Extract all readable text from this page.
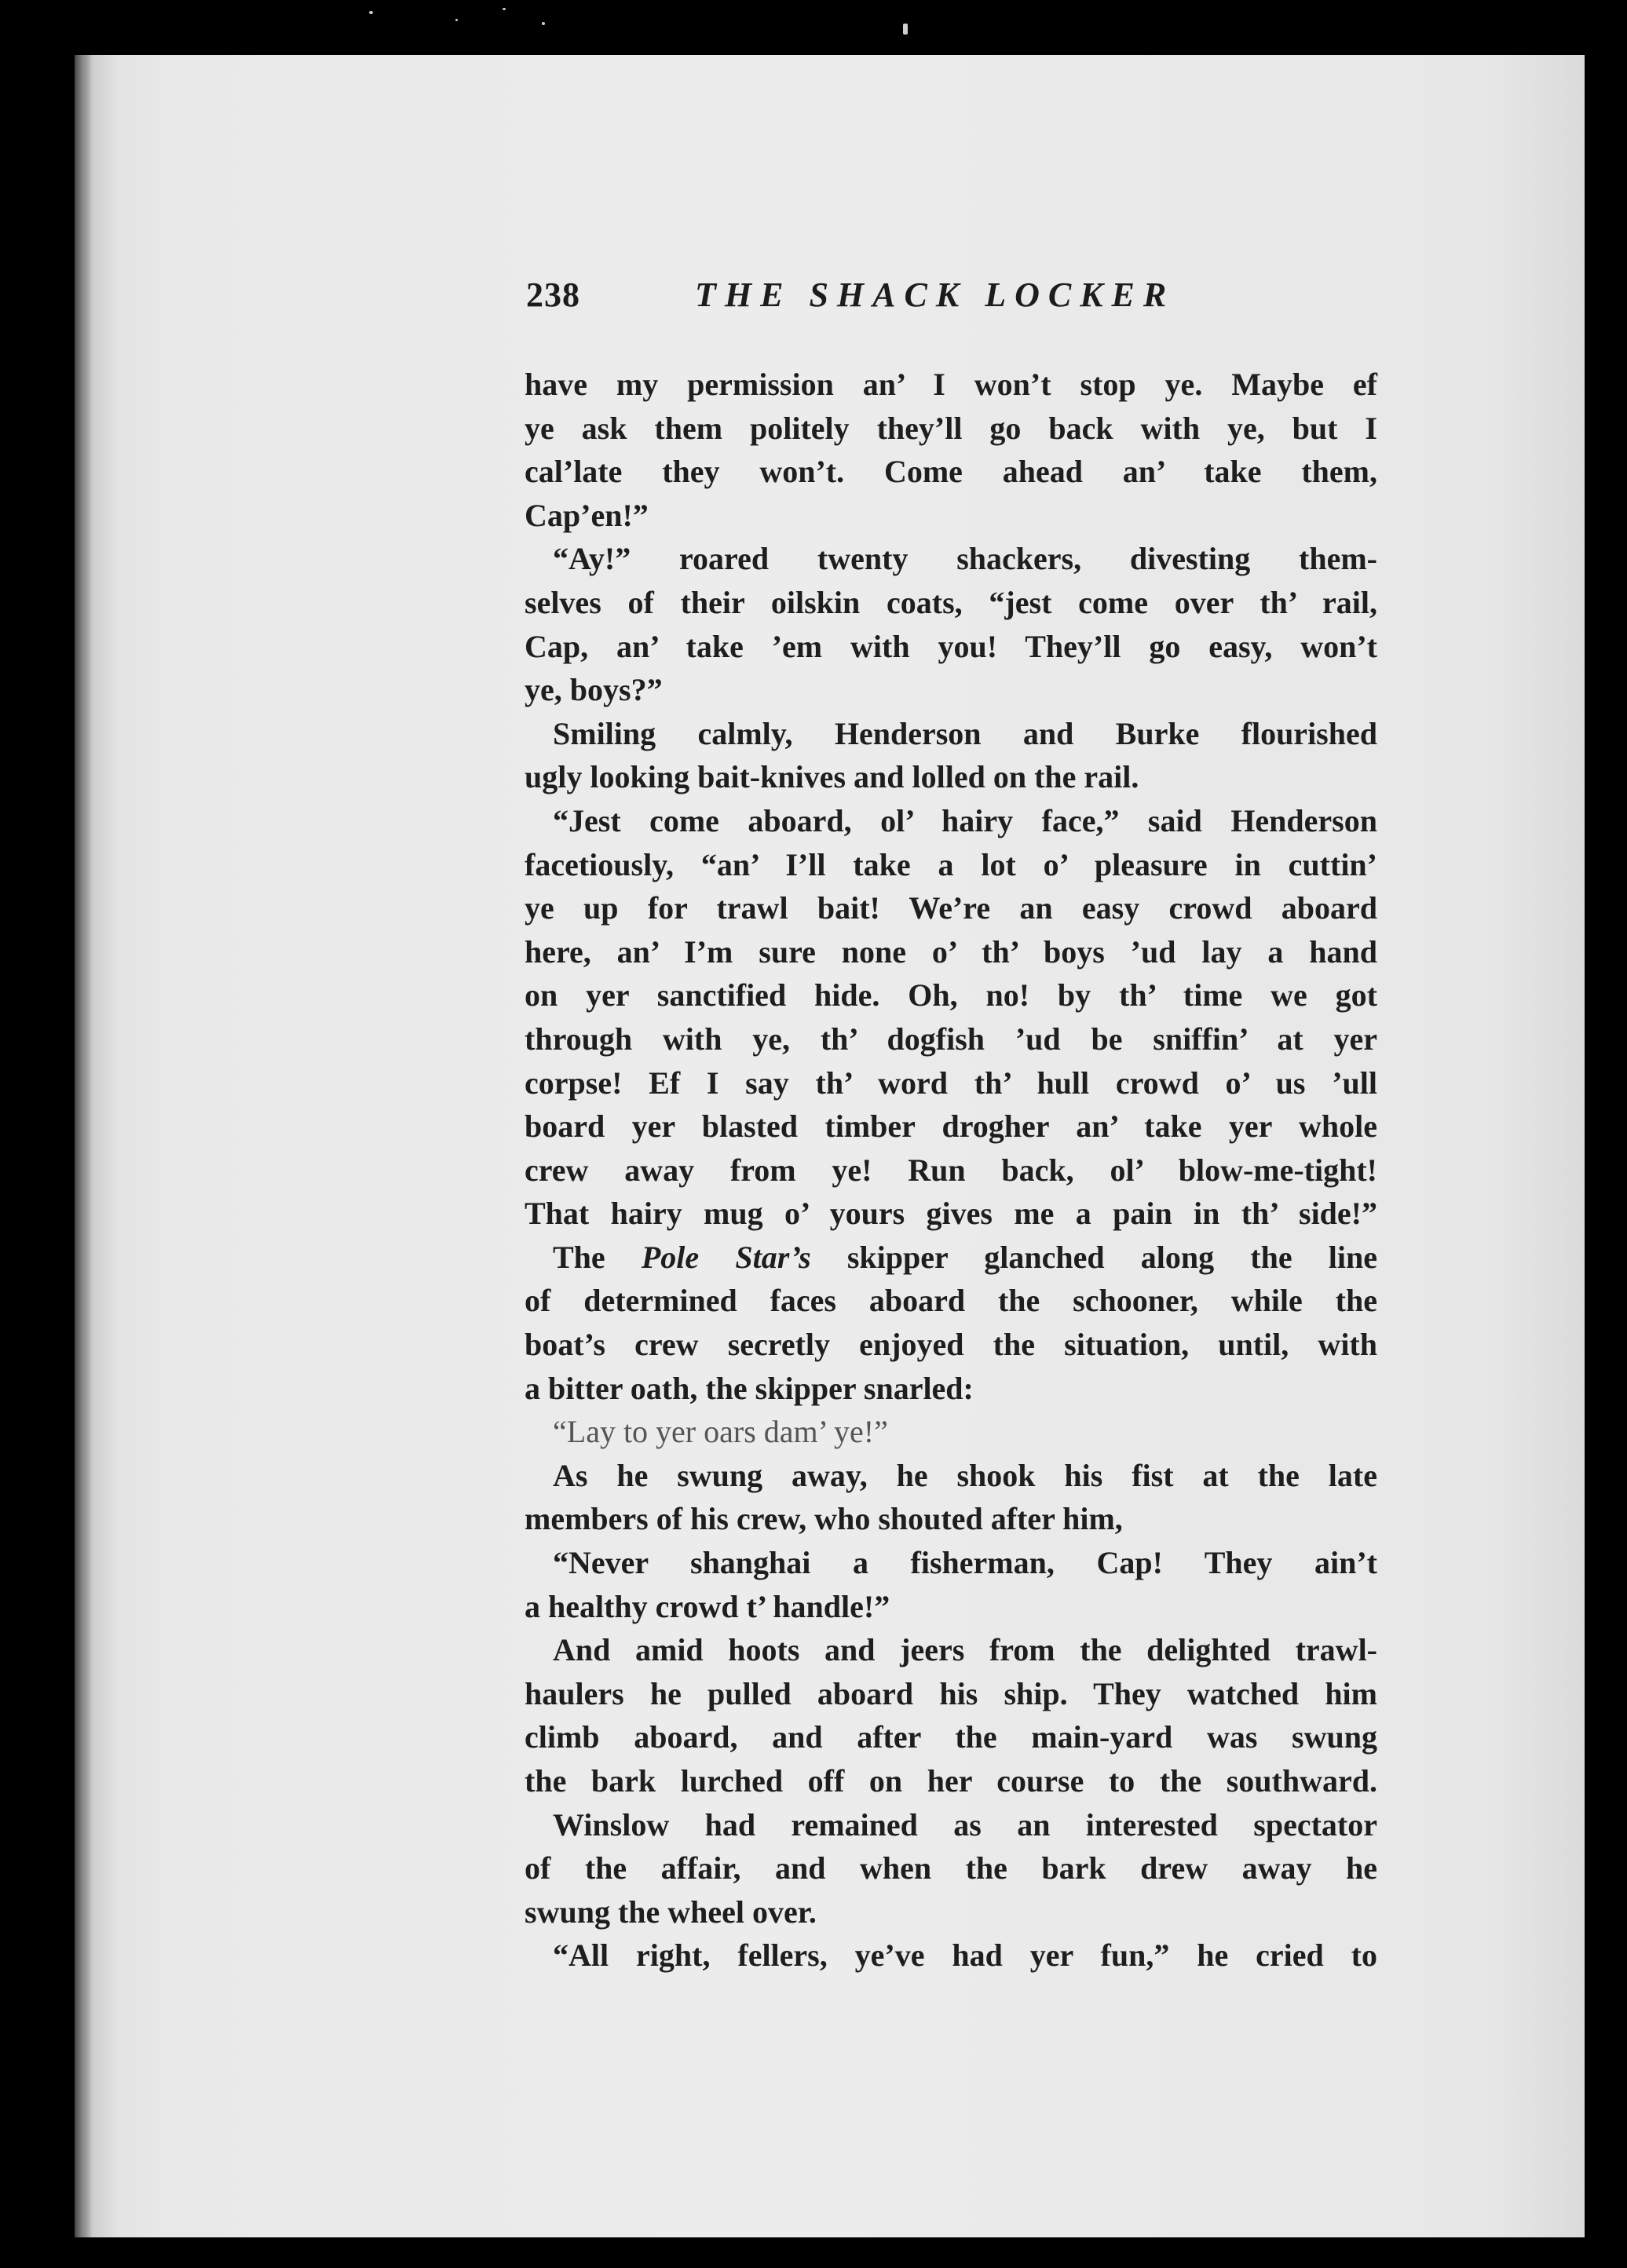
238	THE SHACK LOCKER
have my permission an’ I won’t stop ye. Maybe ef
ye ask them politely they’ll go back with ye, but I
cal’late they won’t. Come ahead an’ take them,
Cap’en!”
“Ay!” roared twenty shackers, divesting them-
selves of their oilskin coats, “jest come over th’ rail,
Cap, an’ take ’em with you! They’ll go easy, won’t
ye, boys?”
Smiling calmly, Henderson and Burke flourished
ugly looking bait-knives and lolled on the rail.
“Jest come aboard, ol’ hairy face,” said Henderson
facetiously, “an’ I’ll take a lot o’ pleasure in cuttin’
ye up for trawl bait! We’re an easy crowd aboard
here, an’ I’m sure none o’ th’ boys ’ud lay a hand
on yer sanctified hide. Oh, no! by th’ time we got
through with ye, th’ dogfish ’ud be sniffin’ at yer
corpse! Ef I say th’ word th’ hull crowd o’ us ’ull
board yer blasted timber drogher an’ take yer whole
crew away from ye! Run back, ol’ blow-me-tight!
That hairy mug o’ yours gives me a pain in th’ side!”
The Pole Star’s skipper glanched along the line
of determined faces aboard the schooner, while the
boat’s crew secretly enjoyed the situation, until, with
a bitter oath, the skipper snarled:
“Lay to yer oars dam’ ye!”
As he swung away, he shook his fist at the late
members of his crew, who shouted after him,
“Never shanghai a fisherman, Cap! They ain’t
a healthy crowd t’ handle!”
And amid hoots and jeers from the delighted trawl-
haulers he pulled aboard his ship. They watched him
climb aboard, and after the main-yard was swung
the bark lurched off on her course to the southward.
Winslow had remained as an interested spectator
of the affair, and when the bark drew away he
swung the wheel over.
“All right, fellers, ye’ve had yer fun,” he cried to
